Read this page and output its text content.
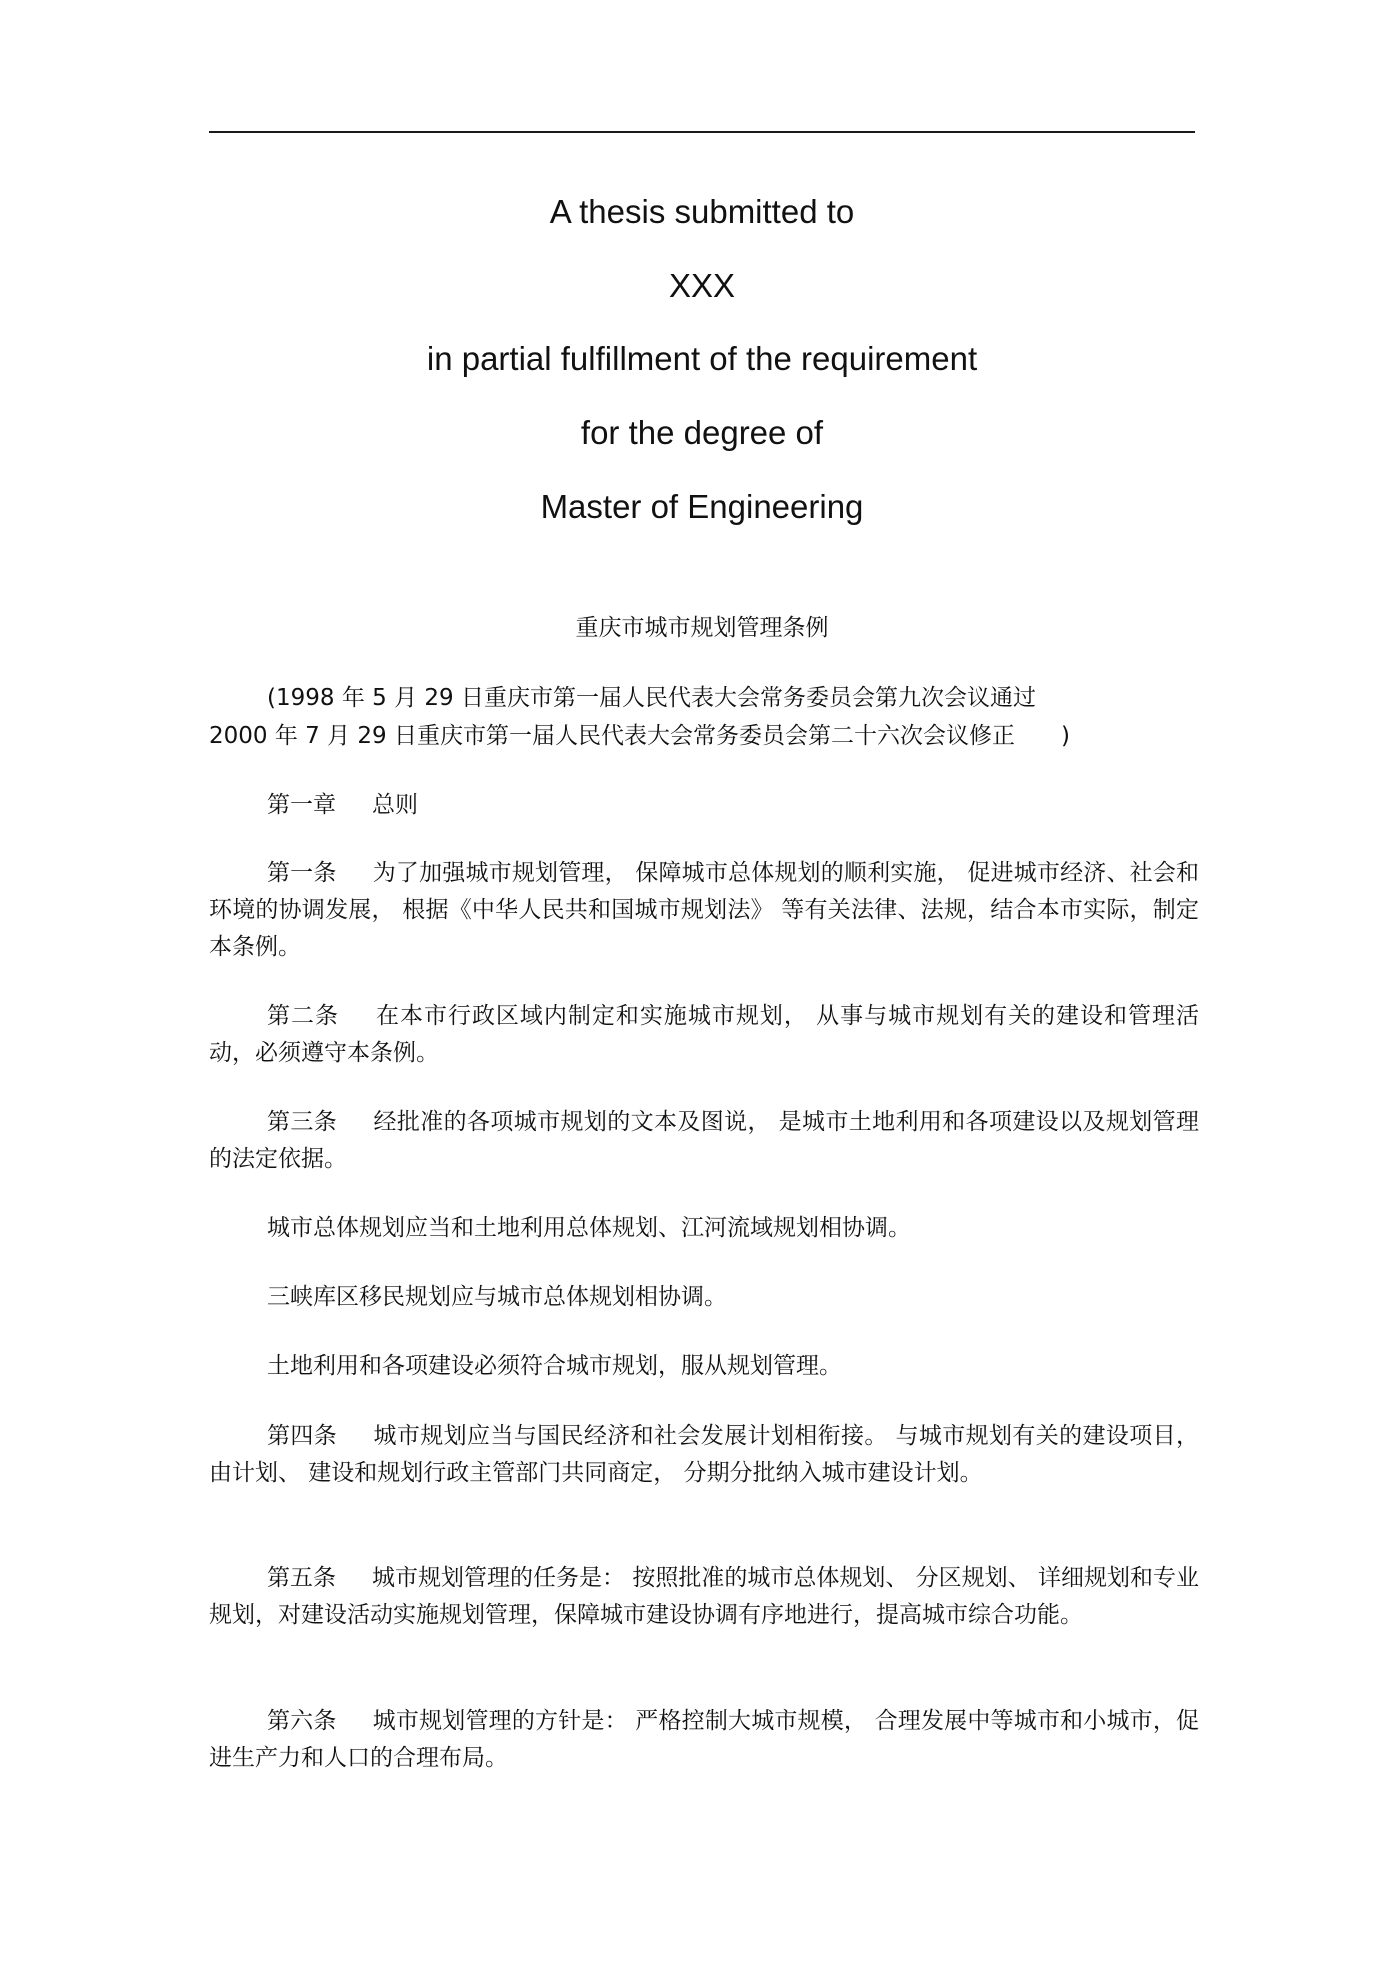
A thesis submitted to
XXX
in partial fulfillment of the requirement
for the degree of
Master of Engineering
重庆市城市规划管理条例
(1998 年 5 月 29 日重庆市第一届人民代表大会常务委员会第九次会议通过

2000 年 7 月 29 日重庆市第一届人民代表大会常务委员会第二十六次会议修正　　)
第一章 总则
第一条 为了加强城市规划管理， 保障城市总体规划的顺利实施， 促进城市经济、社会和环境的协调发展， 根据《中华人民共和国城市规划法》 等有关法律、法规，结合本市实际，制定本条例。
第二条 在本市行政区域内制定和实施城市规划， 从事与城市规划有关的建设和管理活动，必须遵守本条例。
第三条 经批准的各项城市规划的文本及图说， 是城市土地利用和各项建设以及规划管理的法定依据。
城市总体规划应当和土地利用总体规划、江河流域规划相协调。
三峡库区移民规划应与城市总体规划相协调。
土地利用和各项建设必须符合城市规划，服从规划管理。
第四条 城市规划应当与国民经济和社会发展计划相衔接。 与城市规划有关的建设项目， 由计划、 建设和规划行政主管部门共同商定， 分期分批纳入城市建设计划。
第五条 城市规划管理的任务是： 按照批准的城市总体规划、 分区规划、 详细规划和专业规划，对建设活动实施规划管理，保障城市建设协调有序地进行，提高城市综合功能。
第六条 城市规划管理的方针是： 严格控制大城市规模， 合理发展中等城市和小城市，促进生产力和人口的合理布局。
